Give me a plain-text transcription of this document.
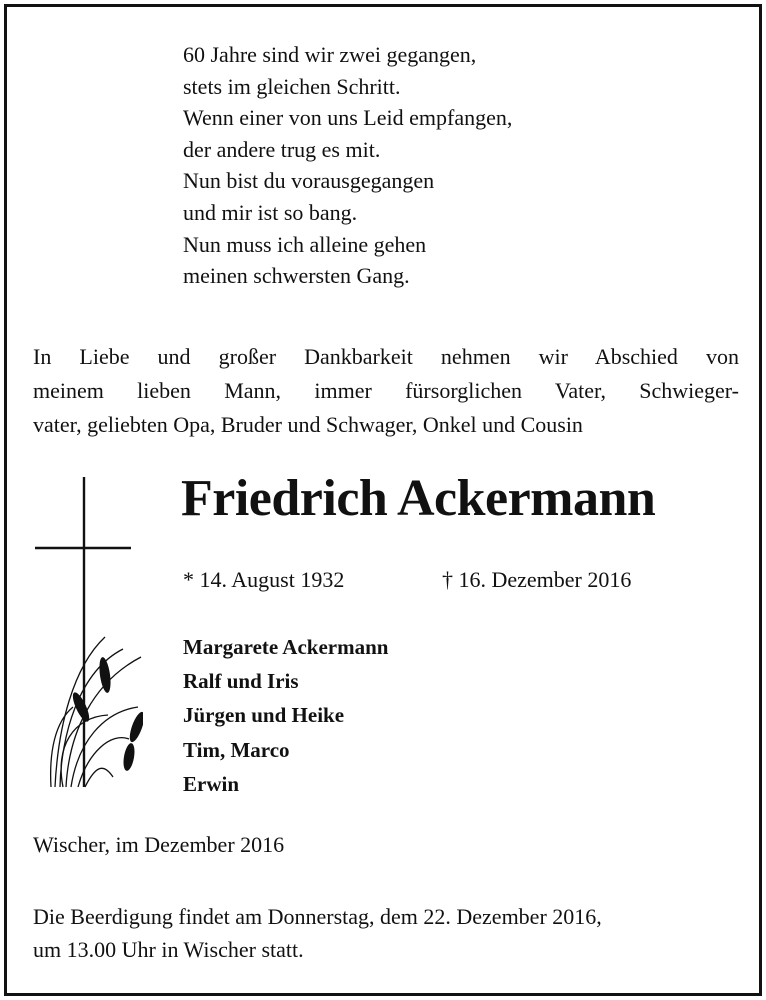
60 Jahre sind wir zwei gegangen,
stets im gleichen Schritt.
Wenn einer von uns Leid empfangen,
der andere trug es mit.
Nun bist du vorausgegangen
und mir ist so bang.
Nun muss ich alleine gehen
meinen schwersten Gang.
In Liebe und großer Dankbarkeit nehmen wir Abschied von
meinem lieben Mann, immer fürsorglichen Vater, Schwieger-
vater, geliebten Opa, Bruder und Schwager, Onkel und Cousin
Friedrich Ackermann
* 14. August 1932	† 16. Dezember 2016
Margarete Ackermann
Ralf und Iris
Jürgen und Heike
Tim, Marco
Erwin
Wischer, im Dezember 2016
Die Beerdigung findet am Donnerstag, dem 22. Dezember 2016,
um 13.00 Uhr in Wischer statt.
